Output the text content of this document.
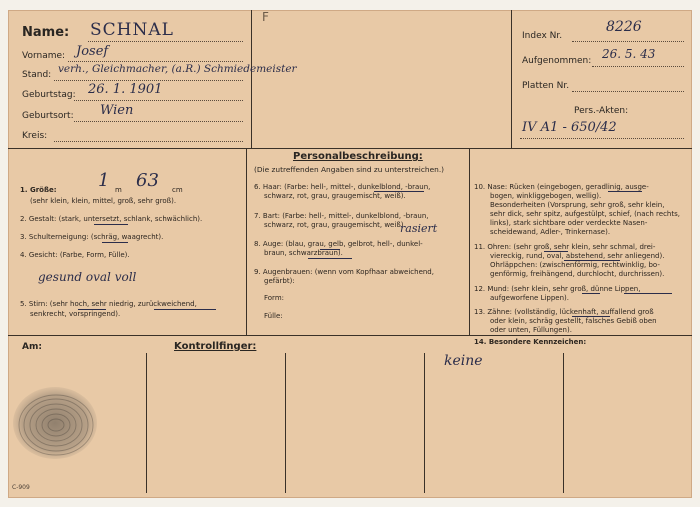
Name: SCHNAL
Vorname: Josef
Stand: verh., Gleichmacher, (a.R.) Schmiedemeister
Geburtstag: 26. 1. 1901
Geburtsort: Wien
Kreis:
F
Index Nr.
8226
Aufgenommen: 26. 5. 43
Platten Nr.
Pers.-Akten:
IV A1 - 650/42
Personalbeschreibung:
(Die zutreffenden Angaben sind zu unterstreichen.)
1. Größe: 1 m 63 cm
(sehr klein, klein, mittel, groß, sehr groß).
2. Gestalt: (stark, untersetzt, schlank, schwächlich).
3. Schulterneigung: (schräg, waagrecht).
4. Gesicht: (Farbe, Form, Fülle).
gesund oval voll
5. Stirn: (sehr hoch, sehr niedrig, zurückweichend,
senkrecht, vorspringend).
6. Haar: (Farbe: hell-, mittel-, dunkelblond, -braun,
schwarz, rot, grau, graugemischt, weiß).
7. Bart: (Farbe: hell-, mittel-, dunkelblond, -braun,
schwarz, rot, grau, graugemischt, weiß).
rasiert
8. Auge: (blau, grau, gelb, gelbrot, hell-, dunkel-
braun, schwarzbraun).
9. Augenbrauen: (wenn vom Kopfhaar abweichend,
gefärbt):
Form:
Fülle:
10. Nase: Rücken (eingebogen, geradlinig, ausge-
bogen, winkliggebogen, wellig).
Besonderheiten (Vorsprung, sehr groß, sehr klein,
sehr dick, sehr spitz, aufgestülpt, schief, (nach rechts,
links), stark sichtbare oder verdeckte Nasen-
scheidewand, Adler-, Trinkernase).
11. Ohren: (sehr groß, sehr klein, sehr schmal, drei-
viereckig, rund, oval, abstehend, sehr anliegend).
Ohrläppchen: (zwischenförmig, rechtwinklig, bo-
genförmig, freihängend, durchlocht, durchrissen).
12. Mund: (sehr klein, sehr groß, dünne Lippen,
aufgeworfene Lippen).
13. Zähne: (vollständig, lückenhaft, auffallend groß
oder klein, schräg gestellt, falsches Gebiß oben
oder unten, Füllungen).
14. Besondere Kennzeichen:
keine
Am:	Kontrollfinger:
C-909
